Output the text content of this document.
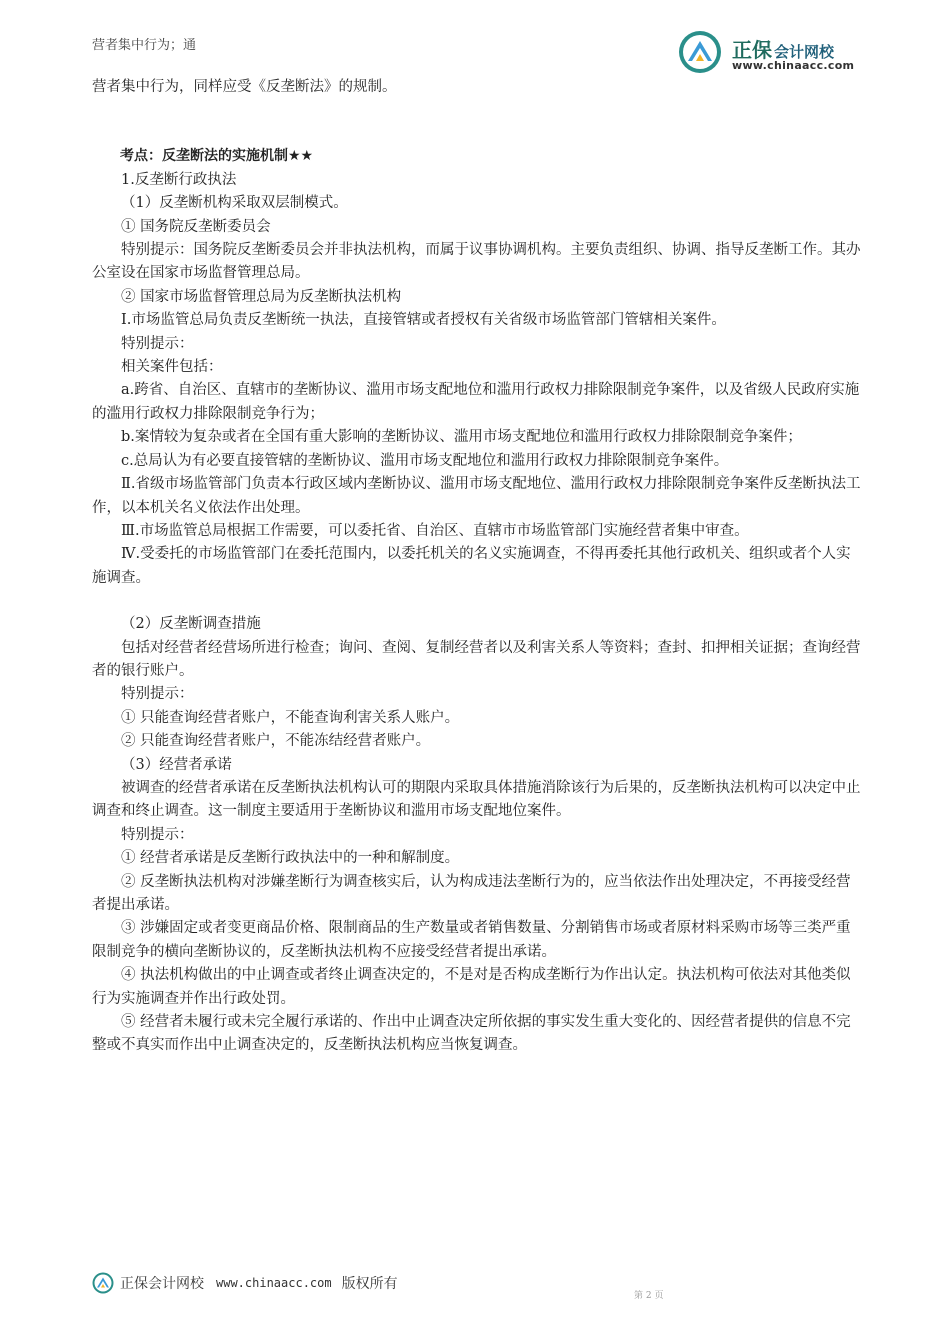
正保 会计网校
www.chinaacc.com
营者集中行为；通

营者集中行为，同样应受《反垄断法》的规制。

考点：反垄断法的实施机制★★

1.反垄断行政执法

（1）反垄断机构采取双层制模式。

① 国务院反垄断委员会

特别提示：国务院反垄断委员会并非执法机构，而属于议事协调机构。主要负责组织、协调、指导反垄断工作。其办公室设在国家市场监督管理总局。

② 国家市场监督管理总局为反垄断执法机构

Ⅰ.市场监管总局负责反垄断统一执法，直接管辖或者授权有关省级市场监管部门管辖相关案件。

特别提示：

相关案件包括：

a.跨省、自治区、直辖市的垄断协议、滥用市场支配地位和滥用行政权力排除限制竞争案件，以及省级人民政府实施的滥用行政权力排除限制竞争行为；

b.案情较为复杂或者在全国有重大影响的垄断协议、滥用市场支配地位和滥用行政权力排除限制竞争案件；

c.总局认为有必要直接管辖的垄断协议、滥用市场支配地位和滥用行政权力排除限制竞争案件。

Ⅱ.省级市场监管部门负责本行政区域内垄断协议、滥用市场支配地位、滥用行政权力排除限制竞争案件反垄断执法工作，以本机关名义依法作出处理。

Ⅲ.市场监管总局根据工作需要，可以委托省、自治区、直辖市市场监管部门实施经营者集中审查。

Ⅳ.受委托的市场监管部门在委托范围内，以委托机关的名义实施调查，不得再委托其他行政机关、组织或者个人实施调查。

（2）反垄断调查措施

包括对经营者经营场所进行检查；询问、查阅、复制经营者以及利害关系人等资料；查封、扣押相关证据；查询经营者的银行账户。

特别提示：

① 只能查询经营者账户，不能查询利害关系人账户。

② 只能查询经营者账户，不能冻结经营者账户。

（3）经营者承诺

被调查的经营者承诺在反垄断执法机构认可的期限内采取具体措施消除该行为后果的，反垄断执法机构可以决定中止调查和终止调查。这一制度主要适用于垄断协议和滥用市场支配地位案件。

特别提示：

① 经营者承诺是反垄断行政执法中的一种和解制度。

② 反垄断执法机构对涉嫌垄断行为调查核实后，认为构成违法垄断行为的，应当依法作出处理决定，不再接受经营者提出承诺。

③ 涉嫌固定或者变更商品价格、限制商品的生产数量或者销售数量、分割销售市场或者原材料采购市场等三类严重限制竞争的横向垄断协议的，反垄断执法机构不应接受经营者提出承诺。

④ 执法机构做出的中止调查或者终止调查决定的，不是对是否构成垄断行为作出认定。执法机构可依法对其他类似行为实施调查并作出行政处罚。

⑤ 经营者未履行或未完全履行承诺的、作出中止调查决定所依据的事实发生重大变化的、因经营者提供的信息不完整或不真实而作出中止调查决定的，反垄断执法机构应当恢复调查。

正保会计网校 www.chinaacc.com 版权所有
第 2 页
